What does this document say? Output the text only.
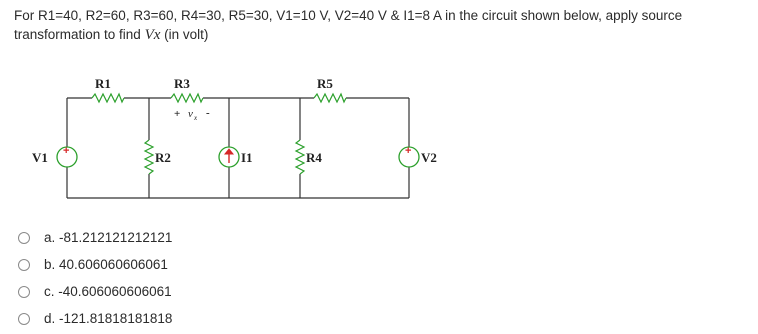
For R1=40, R2=60, R3=60, R4=30, R5=30, V1=10 V, V2=40 V & I1=8 A in the circuit shown below, apply source
transformation to find Vx (in volt)
R1	R3
+ v x -
R5
R2	R4
+
V1	I1	+ V2
a. -81.212121212121
b. 40.606060606061
c. -40.606060606061
d. -121.81818181818
